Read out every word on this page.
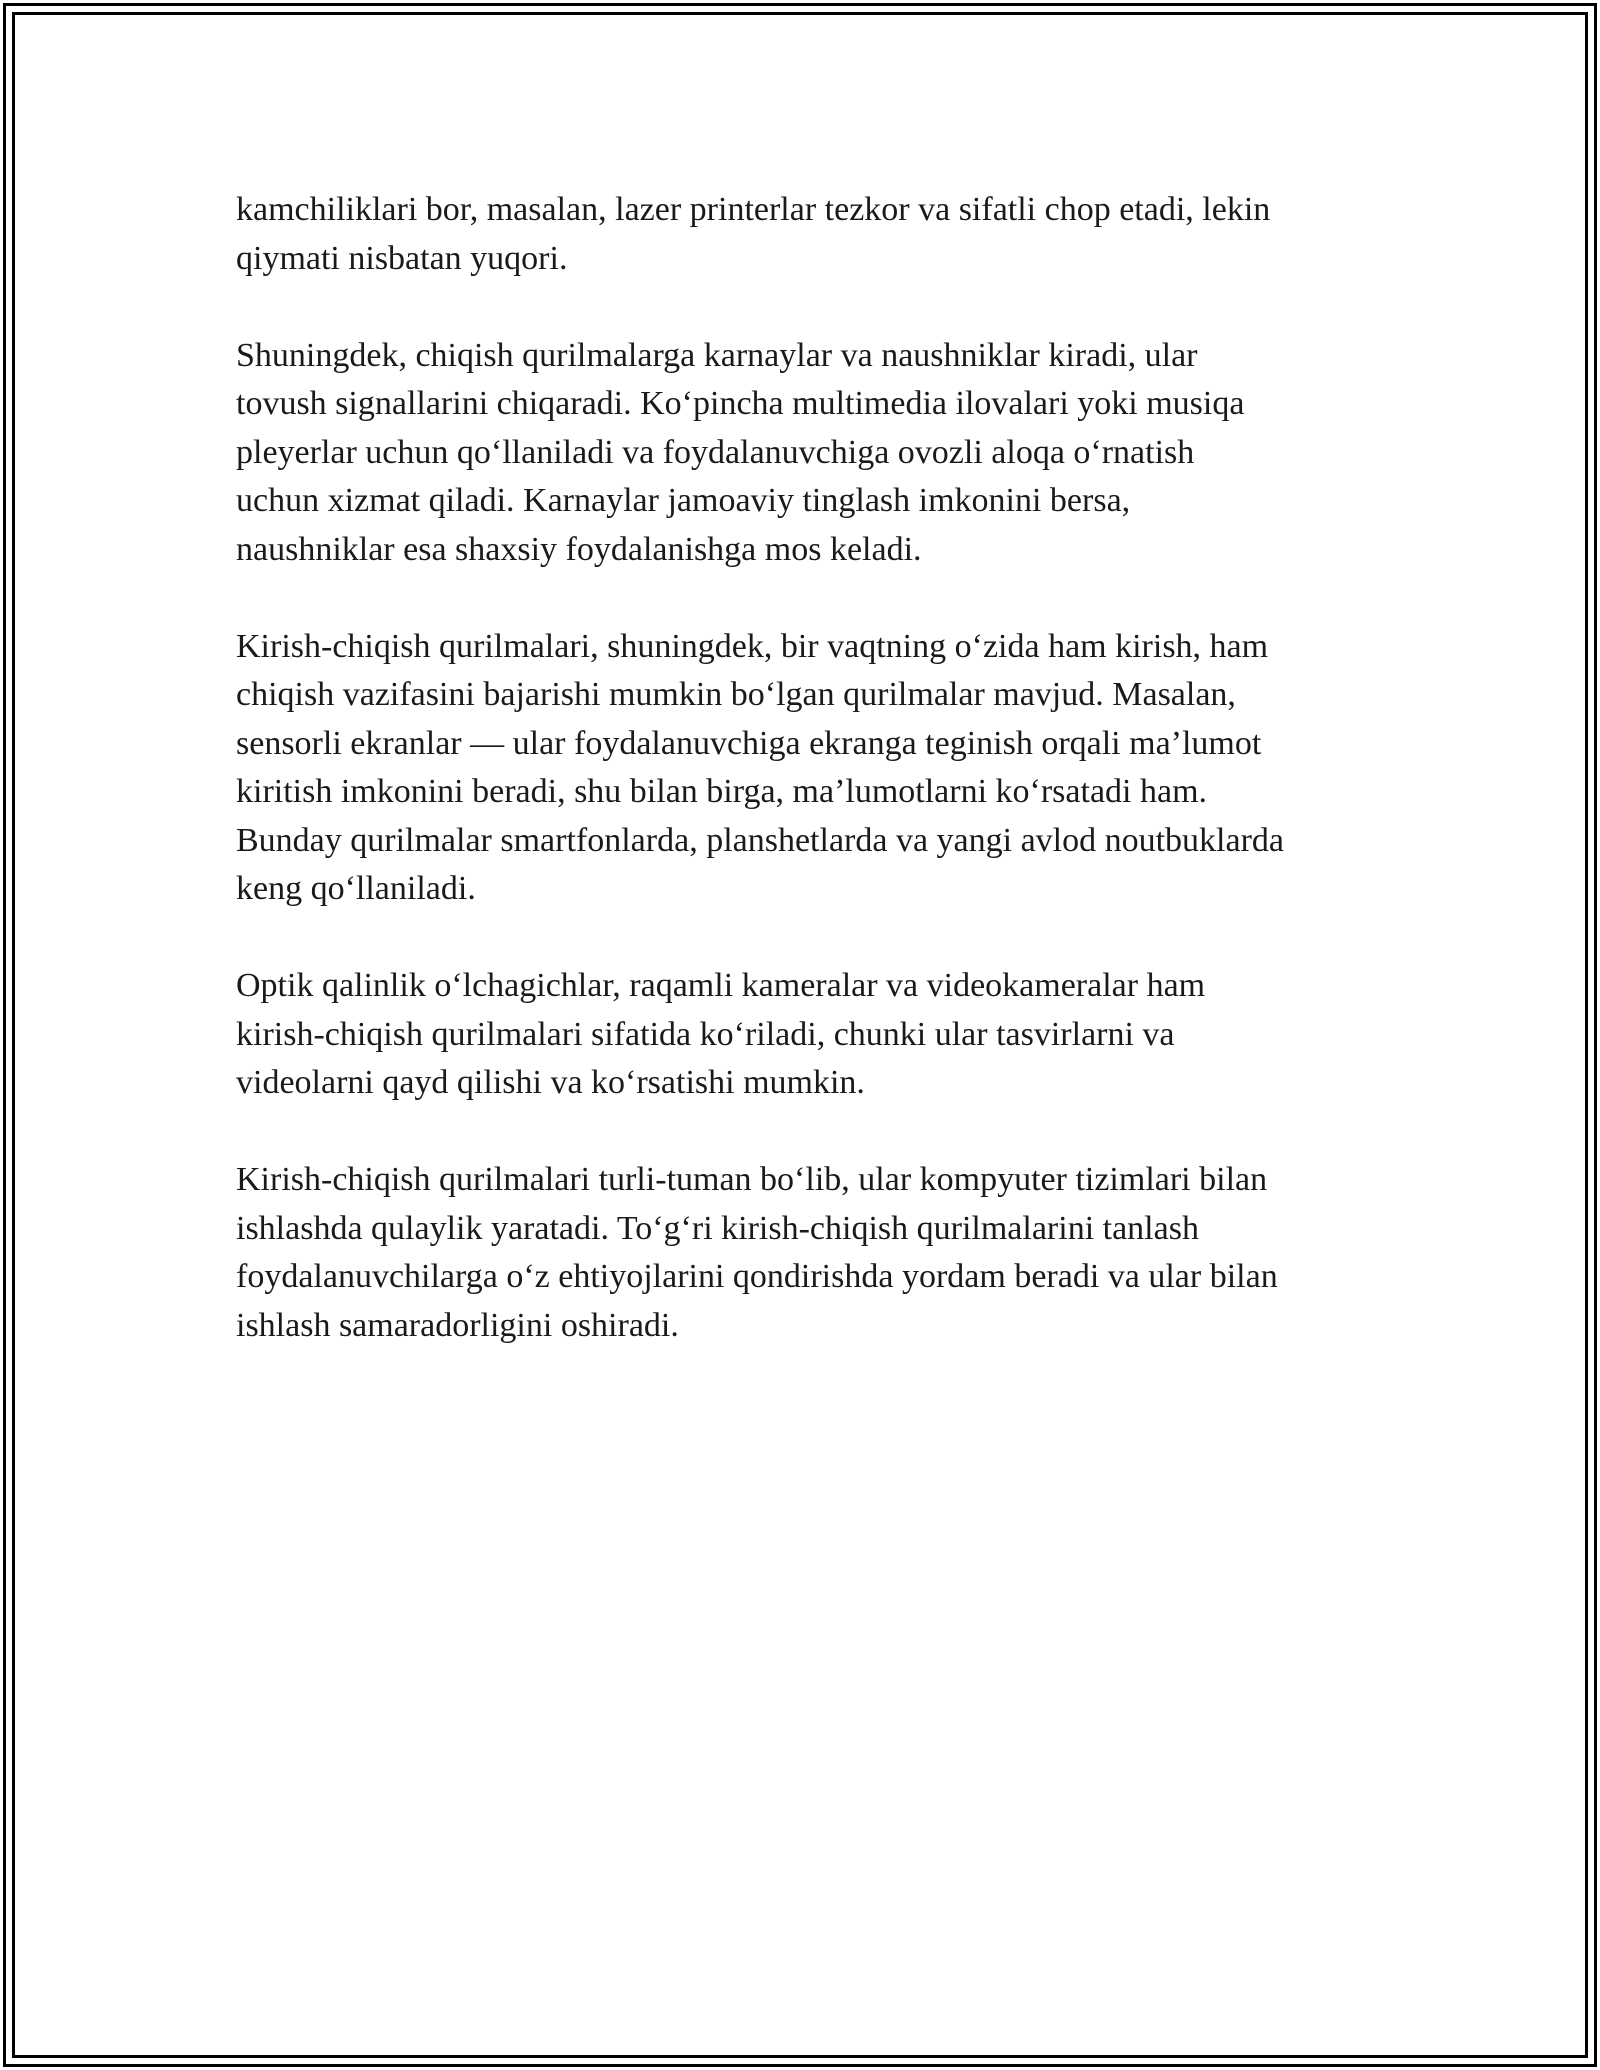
kamchiliklari bor, masalan, lazer printerlar tezkor va sifatli chop etadi, lekin
qiymati nisbatan yuqori.

Shuningdek, chiqish qurilmalarga karnaylar va naushniklar kiradi, ular
tovush signallarini chiqaradi. Ko‘pincha multimedia ilovalari yoki musiqa
pleyerlar uchun qo‘llaniladi va foydalanuvchiga ovozli aloqa o‘rnatish
uchun xizmat qiladi. Karnaylar jamoaviy tinglash imkonini bersa,
naushniklar esa shaxsiy foydalanishga mos keladi.

Kirish-chiqish qurilmalari, shuningdek, bir vaqtning o‘zida ham kirish, ham
chiqish vazifasini bajarishi mumkin bo‘lgan qurilmalar mavjud. Masalan,
sensorli ekranlar — ular foydalanuvchiga ekranga teginish orqali ma’lumot
kiritish imkonini beradi, shu bilan birga, ma’lumotlarni ko‘rsatadi ham.
Bunday qurilmalar smartfonlarda, planshetlarda va yangi avlod noutbuklarda
keng qo‘llaniladi.

Optik qalinlik o‘lchagichlar, raqamli kameralar va videokameralar ham
kirish-chiqish qurilmalari sifatida ko‘riladi, chunki ular tasvirlarni va
videolarni qayd qilishi va ko‘rsatishi mumkin.

Kirish-chiqish qurilmalari turli-tuman bo‘lib, ular kompyuter tizimlari bilan
ishlashda qulaylik yaratadi. To‘g‘ri kirish-chiqish qurilmalarini tanlash
foydalanuvchilarga o‘z ehtiyojlarini qondirishda yordam beradi va ular bilan
ishlash samaradorligini oshiradi.
